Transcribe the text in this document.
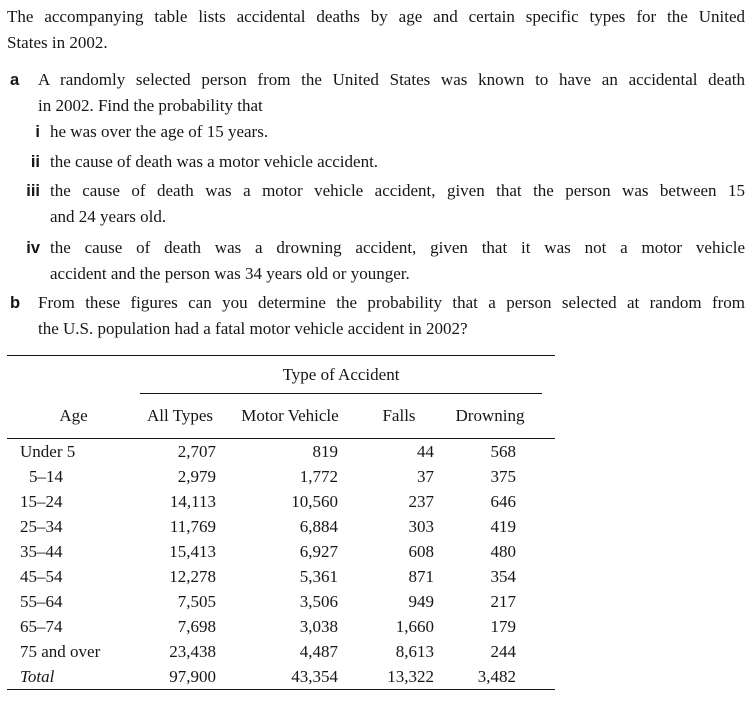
The accompanying table lists accidental deaths by age and certain specific types for the United
States in 2002.
a	A randomly selected person from the United States was known to have an accidental death
in 2002. Find the probability that
i he was over the age of 15 years.
ii the cause of death was a motor vehicle accident.
iii the cause of death was a motor vehicle accident, given that the person was between 15
and 24 years old.
iv the cause of death was a drowning accident, given that it was not a motor vehicle
accident and the person was 34 years old or younger.
b	From these figures can you determine the probability that a person selected at random from
the U.S. population had a fatal motor vehicle accident in 2002?
	Type of Accident				
Age	All Types	Motor Vehicle	Falls	Drowning	
Under 5	2,707	819	44	568	
5–14	2,979	1,772	37	375	
15–24	14,113	10,560	237	646	
25–34	11,769	6,884	303	419	
35–44	15,413	6,927	608	480	
45–54	12,278	5,361	871	354	
55–64	7,505	3,506	949	217	
65–74	7,698	3,038	1,660	179	
75 and over	23,438	4,487	8,613	244	
Total	97,900	43,354	13,322	3,482	
